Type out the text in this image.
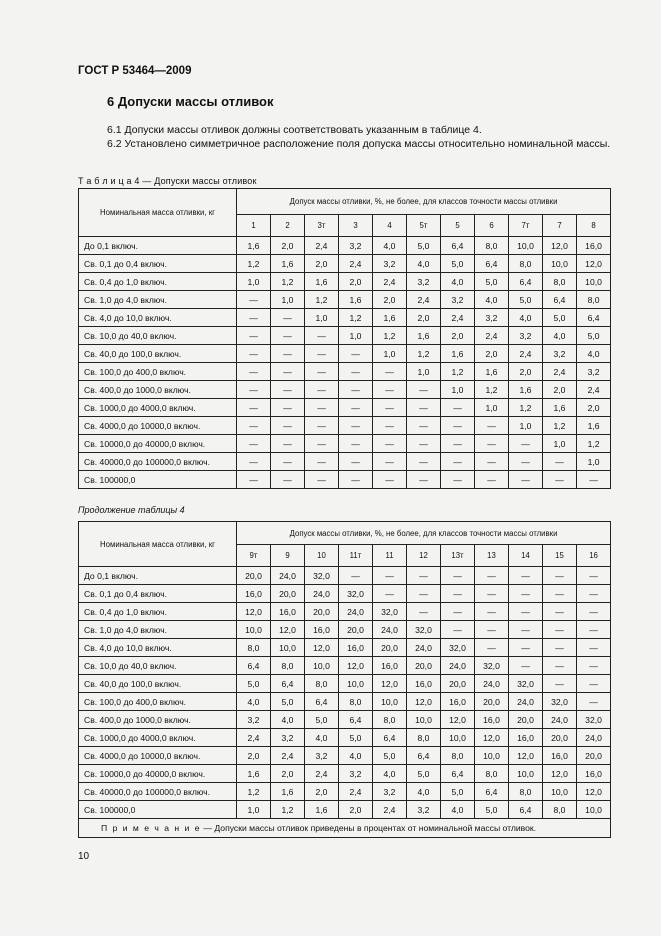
ГОСТ Р 53464—2009
6 Допуски массы отливок
6.1 Допуски массы отливок должны соответствовать указанным в таблице 4.
6.2 Установлено симметричное расположение поля допуска массы относительно номинальной массы.
Т а б л и ц а 4 — Допуски массы отливок
Номинальная масса отливки, кг	Допуск массы отливки, %, не более, для классов точности массы отливки										
	1	2	3т	3	4	5т	5	6	7т	7	8
До 0,1 включ.	1,6	2,0	2,4	3,2	4,0	5,0	6,4	8,0	10,0	12,0	16,0
Св. 0,1 до 0,4 включ.	1,2	1,6	2,0	2,4	3,2	4,0	5,0	6,4	8,0	10,0	12,0
Св. 0,4 до 1,0 включ.	1,0	1,2	1,6	2,0	2,4	3,2	4,0	5,0	6,4	8,0	10,0
Св. 1,0 до 4,0 включ.	—	1,0	1,2	1,6	2,0	2,4	3,2	4,0	5,0	6,4	8,0
Св. 4,0 до 10,0 включ.	—	—	1,0	1,2	1,6	2,0	2,4	3,2	4,0	5,0	6,4
Св. 10,0 до 40,0 включ.	—	—	—	1,0	1,2	1,6	2,0	2,4	3,2	4,0	5,0
Св. 40,0 до 100,0 включ.	—	—	—	—	1,0	1,2	1,6	2,0	2,4	3,2	4,0
Св. 100,0 до 400,0 включ.	—	—	—	—	—	1,0	1,2	1,6	2,0	2,4	3,2
Св. 400,0 до 1000,0 включ.	—	—	—	—	—	—	1,0	1,2	1,6	2,0	2,4
Св. 1000,0 до 4000,0 включ.	—	—	—	—	—	—	—	1,0	1,2	1,6	2,0
Св. 4000,0 до 10000,0 включ.	—	—	—	—	—	—	—	—	1,0	1,2	1,6
Св. 10000,0 до 40000,0 включ.	—	—	—	—	—	—	—	—	—	1,0	1,2
Св. 40000,0 до 100000,0 включ.	—	—	—	—	—	—	—	—	—	—	1,0
Св. 100000,0	—	—	—	—	—	—	—	—	—	—	—
Продолжение таблицы 4
Номинальная масса отливки, кг	Допуск массы отливки, %, не более, для классов точности массы отливки										
	9т	9	10	11т	11	12	13т	13	14	15	16
До 0,1 включ.	20,0	24,0	32,0	—	—	—	—	—	—	—	—
Св. 0,1 до 0,4 включ.	16,0	20,0	24,0	32,0	—	—	—	—	—	—	—
Св. 0,4 до 1,0 включ.	12,0	16,0	20,0	24,0	32,0	—	—	—	—	—	—
Св. 1,0 до 4,0 включ.	10,0	12,0	16,0	20,0	24,0	32,0	—	—	—	—	—
Св. 4,0 до 10,0 включ.	8,0	10,0	12,0	16,0	20,0	24,0	32,0	—	—	—	—
Св. 10,0 до 40,0 включ.	6,4	8,0	10,0	12,0	16,0	20,0	24,0	32,0	—	—	—
Св. 40,0 до 100,0 включ.	5,0	6,4	8,0	10,0	12,0	16,0	20,0	24,0	32,0	—	—
Св. 100,0 до 400,0 включ.	4,0	5,0	6,4	8,0	10,0	12,0	16,0	20,0	24,0	32,0	—
Св. 400,0 до 1000,0 включ.	3,2	4,0	5,0	6,4	8,0	10,0	12,0	16,0	20,0	24,0	32,0
Св. 1000,0 до 4000,0 включ.	2,4	3,2	4,0	5,0	6,4	8,0	10,0	12,0	16,0	20,0	24,0
Св. 4000,0 до 10000,0 включ.	2,0	2,4	3,2	4,0	5,0	6,4	8,0	10,0	12,0	16,0	20,0
Св. 10000,0 до 40000,0 включ.	1,6	2,0	2,4	3,2	4,0	5,0	6,4	8,0	10,0	12,0	16,0
Св. 40000,0 до 100000,0 включ.	1,2	1,6	2,0	2,4	3,2	4,0	5,0	6,4	8,0	10,0	12,0
Св. 100000,0	1,0	1,2	1,6	2,0	2,4	3,2	4,0	5,0	6,4	8,0	10,0
П р и м е ч а н и е — Допуски массы отливок приведены в процентах от номинальной массы отливок.											
10
